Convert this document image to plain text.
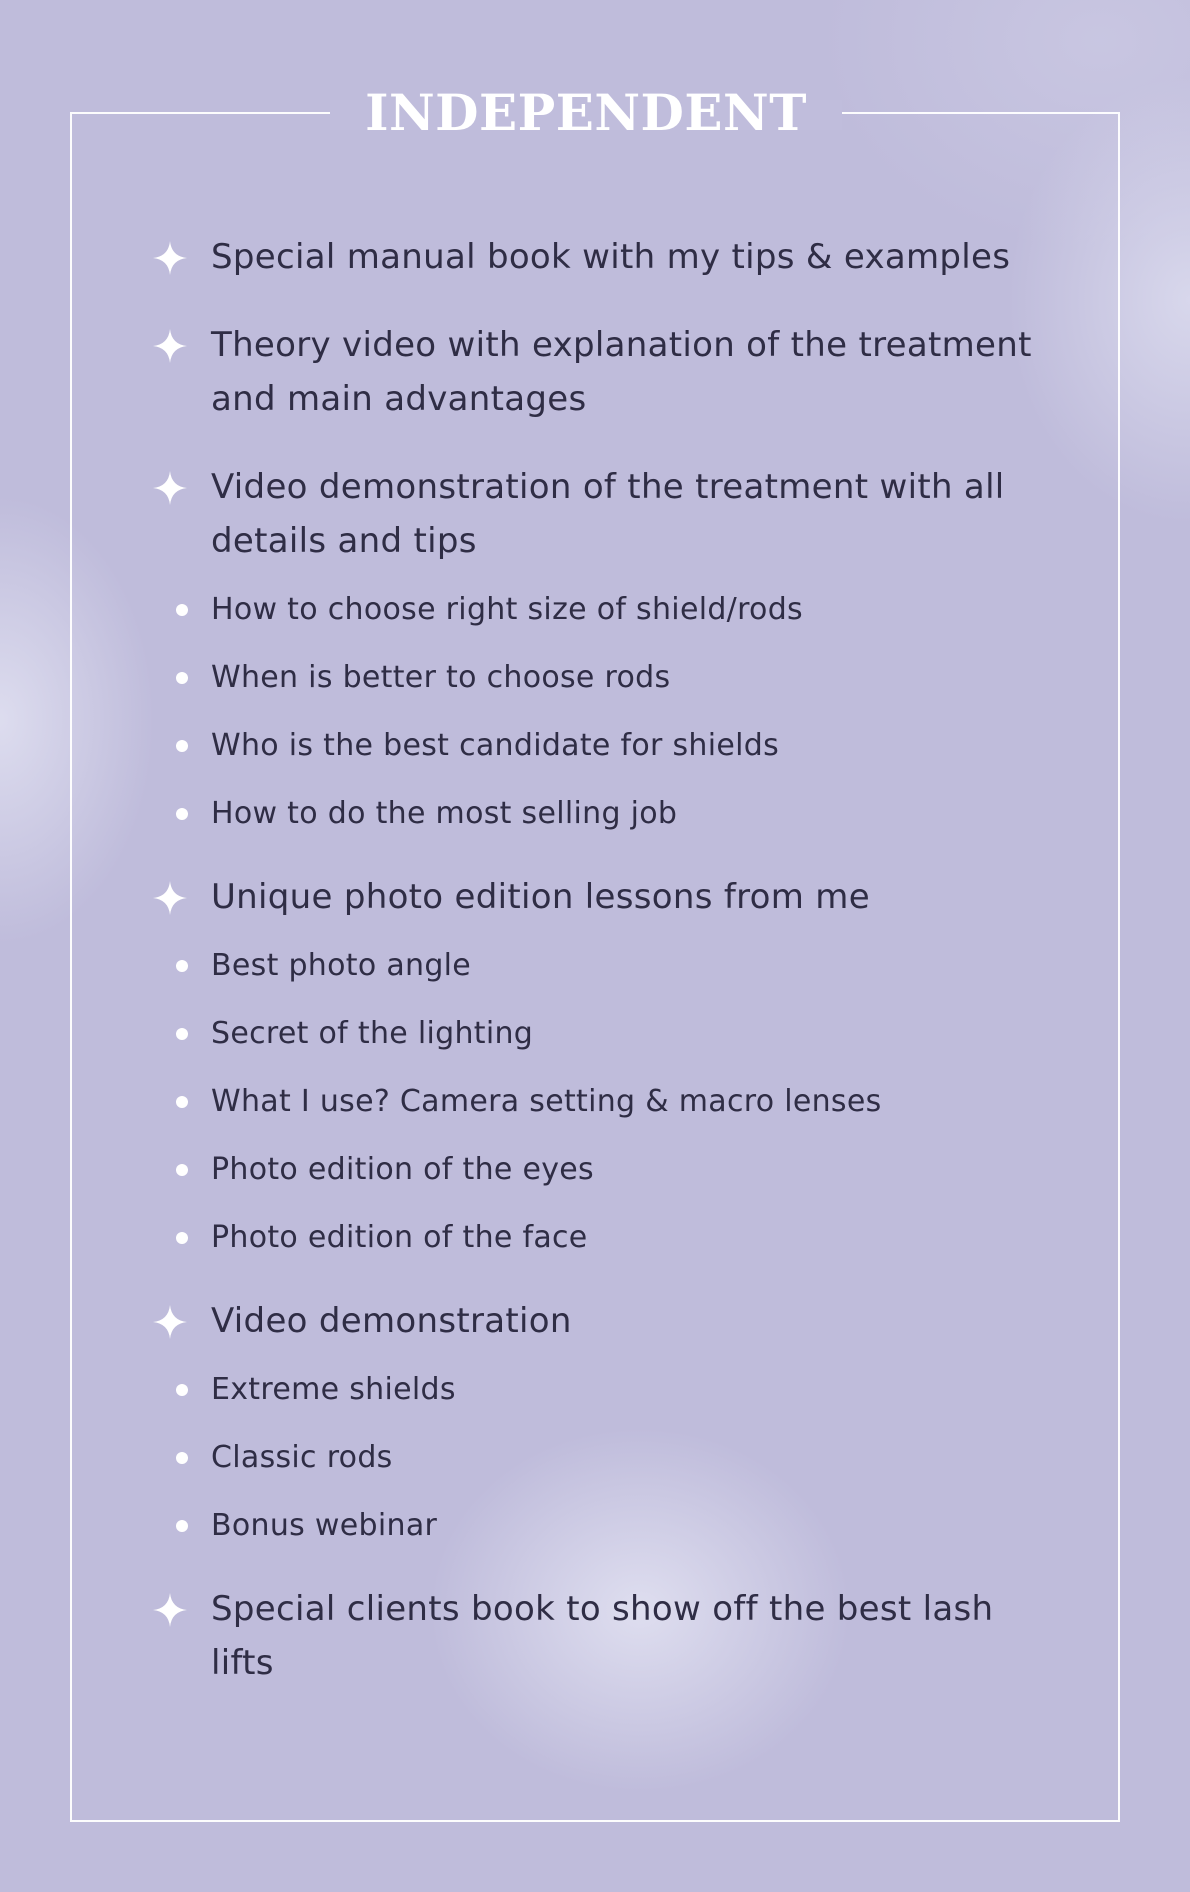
INDEPENDENT
Special manual book with my tips & examples
Theory video with explanation of the treatment and main advantages
Video demonstration of the treatment with all details and tips
How to choose right size of shield/rods
When is better to choose rods
Who is the best candidate for shields
How to do the most selling job
Unique photo edition lessons from me
Best photo angle
Secret of the lighting
What I use? Camera setting & macro lenses
Photo edition of the eyes
Photo edition of the face
Video demonstration
Extreme shields
Classic rods
Bonus webinar
Special clients book to show off the best lash lifts
